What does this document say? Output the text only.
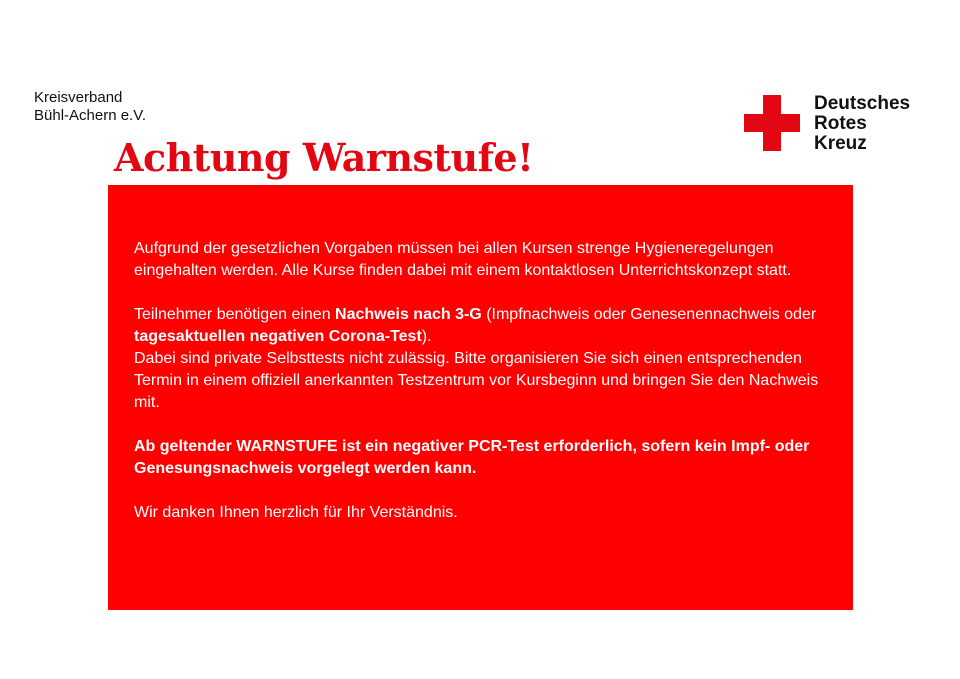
Kreisverband
Bühl-Achern e.V.
Deutsches
Rotes
Kreuz
Achtung Warnstufe!

Aufgrund der gesetzlichen Vorgaben müssen bei allen Kursen strenge Hygieneregelungen eingehalten werden. Alle Kurse finden dabei mit einem kontaktlosen Unterrichtskonzept statt.

Teilnehmer benötigen einen Nachweis nach 3-G (Impfnachweis oder Genesenennachweis oder tagesaktuellen negativen Corona-Test).
Dabei sind private Selbsttests nicht zulässig. Bitte organisieren Sie sich einen entsprechenden Termin in einem offiziell anerkannten Testzentrum vor Kursbeginn und bringen Sie den Nachweis mit.

Ab geltender WARNSTUFE ist ein negativer PCR-Test erforderlich, sofern kein Impf- oder Genesungsnachweis vorgelegt werden kann.

Wir danken Ihnen herzlich für Ihr Verständnis.
